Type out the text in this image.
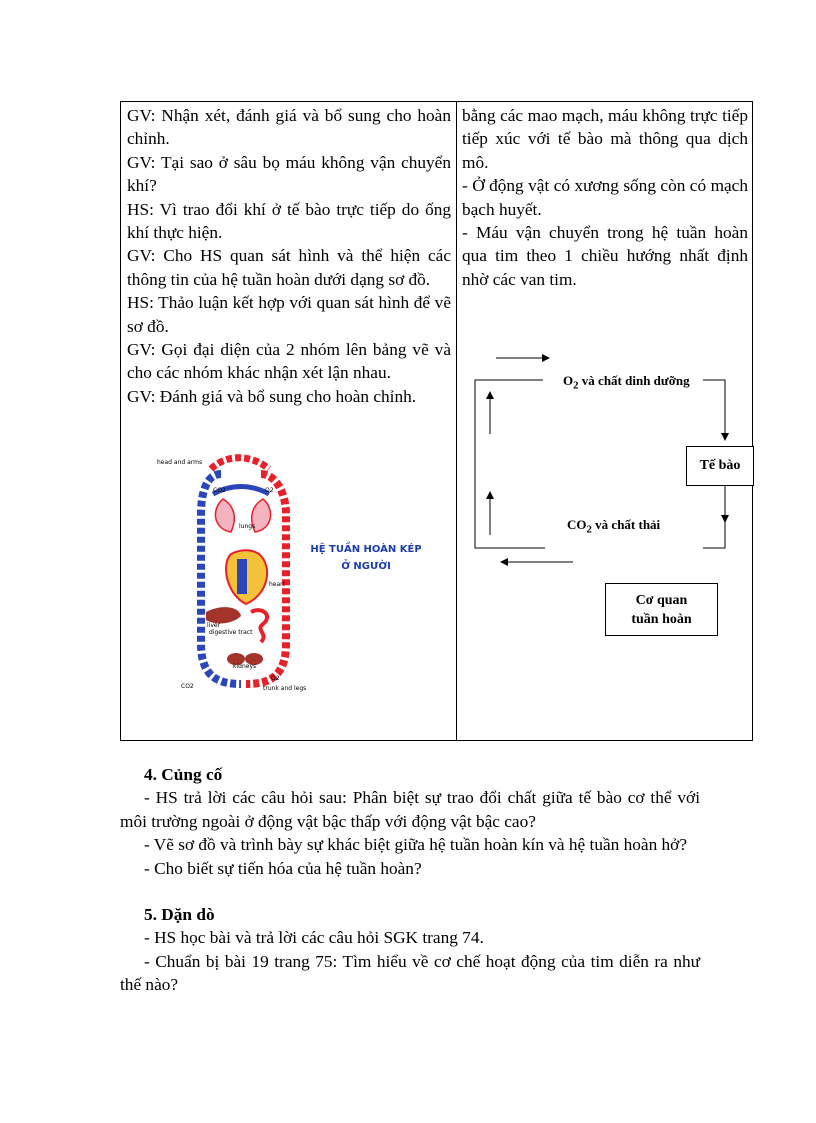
GV: Nhận xét, đánh giá và bổ sung cho hoàn chỉnh.

GV: Tại sao ở sâu bọ máu không vận chuyển khí?

HS: Vì trao đổi khí ở tế bào trực tiếp do ống khí thực hiện.

GV: Cho HS quan sát hình và thể hiện các thông tin của hệ tuần hoàn dưới dạng sơ đồ.

HS: Thảo luận kết hợp với quan sát hình để vẽ sơ đồ.

GV: Gọi đại diện của 2 nhóm lên bảng vẽ và cho các nhóm khác nhận xét lận nhau.

GV: Đánh giá và bổ sung cho hoàn chỉnh.

head and arms
CO2	O2
lungs
heart
liver
digestive tract
kidneys
CO2
O2
trunk and legs
HỆ TUẦN HOÀN KÉP
Ở NGƯỜI

bằng các mao mạch, máu không trực tiếp tiếp xúc với tế bào mà thông qua dịch mô.

- Ở động vật có xương sống còn có mạch bạch huyết.

- Máu vận chuyển trong hệ tuần hoàn qua tim theo 1 chiều hướng nhất định nhờ các van tim.

$O_2$ và chất dinh dưỡng
Tế bào
$CO_2$ và chất thải
Cơ quan
tuần hoàn

4. Củng cố

- HS trả lời các câu hỏi sau: Phân biệt sự trao đổi chất giữa tế bào cơ thể với môi trường ngoài ở động vật bậc thấp với động vật bậc cao?

- Vẽ sơ đồ và trình bày sự khác biệt giữa hệ tuần hoàn kín và hệ tuần hoàn hở?

- Cho biết sự tiến hóa của hệ tuần hoàn?

5. Dặn dò

- HS học bài và trả lời các câu hỏi SGK trang 74.

- Chuẩn bị bài 19 trang 75: Tìm hiểu về cơ chế hoạt động của tim diễn ra như thế nào?
